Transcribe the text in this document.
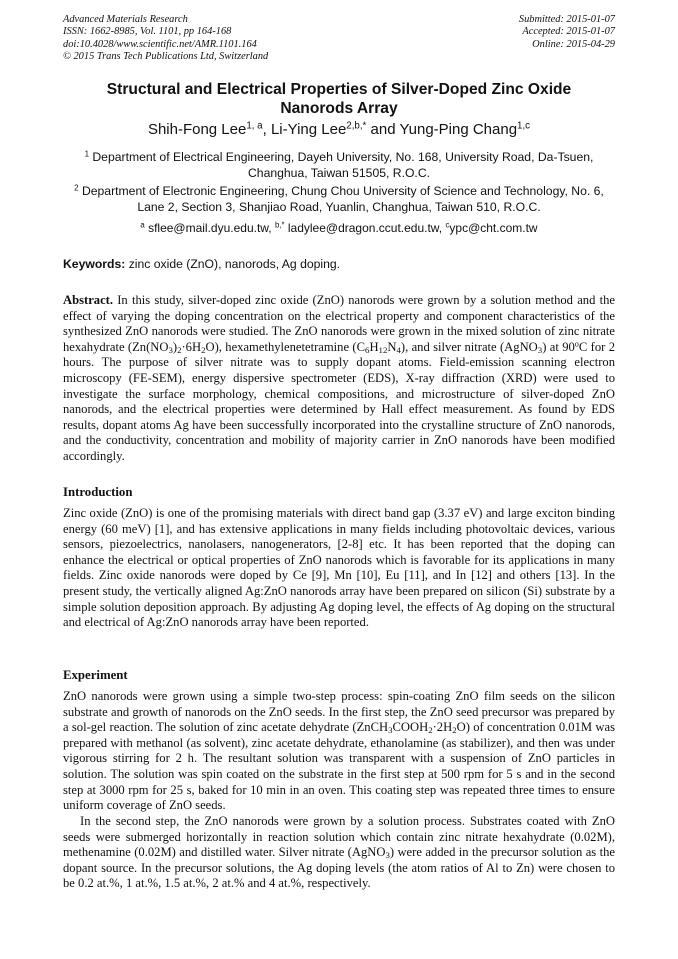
Advanced Materials Research
ISSN: 1662-8985, Vol. 1101, pp 164-168
doi:10.4028/www.scientific.net/AMR.1101.164
© 2015 Trans Tech Publications Ltd, Switzerland
Submitted: 2015-01-07
Accepted: 2015-01-07
Online: 2015-04-29
Structural and Electrical Properties of Silver-Doped Zinc Oxide
Nanorods Array
Shih-Fong Lee$^{1, a}$, Li-Ying Lee$^{2,b,*}$ and Yung-Ping Chang$^{1,c}$
$^1$ Department of Electrical Engineering, Dayeh University, No. 168, University Road, Da-Tsuen,
Changhua, Taiwan 51505, R.O.C.
$^2$ Department of Electronic Engineering, Chung Chou University of Science and Technology, No. 6,
Lane 2, Section 3, Shanjiao Road, Yuanlin, Changhua, Taiwan 510, R.O.C.
$^a$ sflee@mail.dyu.edu.tw, $^{b,*}$ ladylee@dragon.ccut.edu.tw, $^c$ypc@cht.com.tw
Keywords: zinc oxide (ZnO), nanorods, Ag doping.
Abstract. In this study, silver-doped zinc oxide (ZnO) nanorods were grown by a solution method and the effect of varying the doping concentration on the electrical property and component characteristics of the synthesized ZnO nanorods were studied. The ZnO nanorods were grown in the mixed solution of zinc nitrate hexahydrate $(Zn(NO_3)_2\cdot 6H_2O)$, hexamethylenetetramine $(C_6H_{12}N_4)$, and silver nitrate (AgNO$_3$) at 90$^o$C for 2 hours. The purpose of silver nitrate was to supply dopant atoms. Field-emission scanning electron microscopy (FE-SEM), energy dispersive spectrometer (EDS), X-ray diffraction (XRD) were used to investigate the surface morphology, chemical compositions, and microstructure of silver-doped ZnO nanorods, and the electrical properties were determined by Hall effect measurement. As found by EDS results, dopant atoms Ag have been successfully incorporated into the crystalline structure of ZnO nanorods, and the conductivity, concentration and mobility of majority carrier in ZnO nanorods have been modified accordingly.
Introduction
Zinc oxide (ZnO) is one of the promising materials with direct band gap (3.37 eV) and large exciton binding energy (60 meV) [1], and has extensive applications in many fields including photovoltaic devices, various sensors, piezoelectrics, nanolasers, nanogenerators, [2-8] etc. It has been reported that the doping can enhance the electrical or optical properties of ZnO nanorods which is favorable for its applications in many fields. Zinc oxide nanorods were doped by Ce [9], Mn [10], Eu [11], and In [12] and others [13]. In the present study, the vertically aligned Ag:ZnO nanorods array have been prepared on silicon (Si) substrate by a simple solution deposition approach. By adjusting Ag doping level, the effects of Ag doping on the structural and electrical of Ag:ZnO nanorods array have been reported.
Experiment
ZnO nanorods were grown using a simple two-step process: spin-coating ZnO film seeds on the silicon substrate and growth of nanorods on the ZnO seeds. In the first step, the ZnO seed precursor was prepared by a sol-gel reaction. The solution of zinc acetate dehydrate $(ZnCH_3COOH_2\cdot 2H_2O)$ of concentration 0.01M was prepared with methanol (as solvent), zinc acetate dehydrate, ethanolamine (as stabilizer), and then was under vigorous stirring for 2 h. The resultant solution was transparent with a suspension of ZnO particles in solution. The solution was spin coated on the substrate in the first step at 500 rpm for 5 s and in the second step at 3000 rpm for 25 s, baked for 10 min in an oven. This coating step was repeated three times to ensure uniform coverage of ZnO seeds.
In the second step, the ZnO nanorods were grown by a solution process. Substrates coated with ZnO seeds were submerged horizontally in reaction solution which contain zinc nitrate hexahydrate (0.02M), methenamine (0.02M) and distilled water. Silver nitrate (AgNO$_3$) were added in the precursor solution as the dopant source. In the precursor solutions, the Ag doping levels (the atom ratios of Al to Zn) were chosen to be 0.2 at.%, 1 at.%, 1.5 at.%, 2 at.% and 4 at.%, respectively.
